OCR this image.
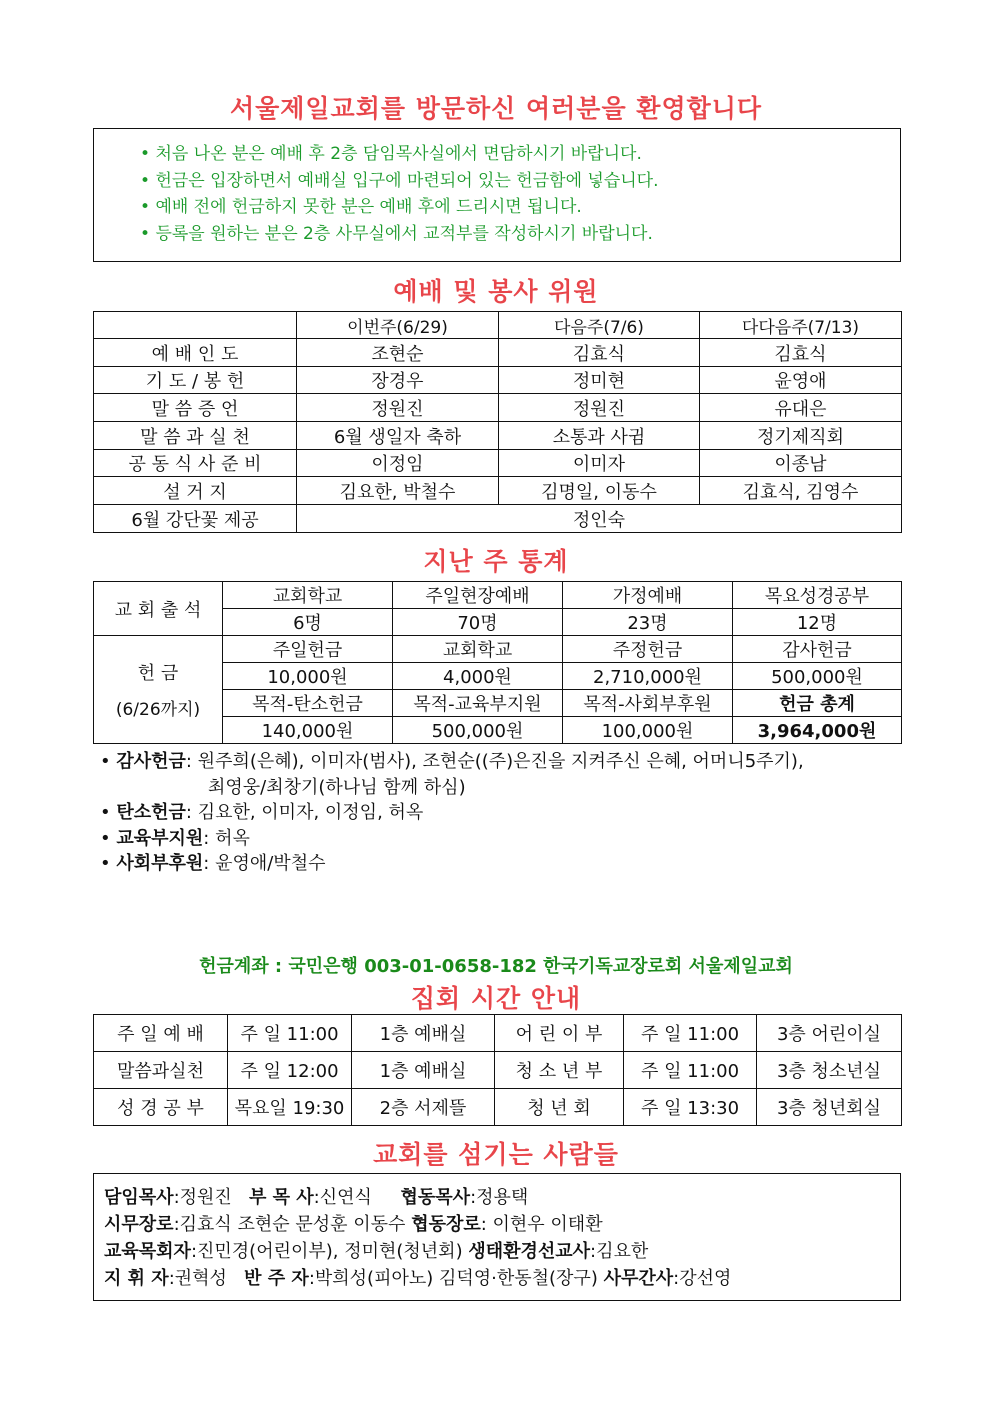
서울제일교회를 방문하신 여러분을 환영합니다
• 처음 나온 분은 예배 후 2층 담임목사실에서 면담하시기 바랍니다.
• 헌금은 입장하면서 예배실 입구에 마련되어 있는 헌금함에 넣습니다.
• 예배 전에 헌금하지 못한 분은 예배 후에 드리시면 됩니다.
• 등록을 원하는 분은 2층 사무실에서 교적부를 작성하시기 바랍니다.
예배 및 봉사 위원
	이번주(6/29)	다음주(7/6)	다다음주(7/13)
예 배 인 도	조현순	김효식	김효식
기 도 / 봉 헌	장경우	정미현	윤영애
말 씀 증 언	정원진	정원진	유대은
말 씀 과 실 천	6월 생일자 축하	소통과 사귐	정기제직회
공 동 식 사 준 비	이정임	이미자	이종남
설 거 지	김요한, 박철수	김명일, 이동수	김효식, 김영수
6월 강단꽃 제공	정인숙		
지난 주 통계
교 회 출 석	교회학교	주일현장예배	가정예배	목요성경공부
	6명	70명	23명	12명

헌 금
(6/26까지)	주일헌금	교회학교	주정헌금	감사헌금
	10,000원	4,000원	2,710,000원	500,000원
	목적-탄소헌금	목적-교육부지원	목적-사회부후원	헌금 총계
	140,000원	500,000원	100,000원	3,964,000원
• 감사헌금: 원주희(은혜), 이미자(범사), 조현순((주)은진을 지켜주신 은혜, 어머니5주기),
최영웅/최창기(하나님 함께 하심)
• 탄소헌금: 김요한, 이미자, 이정임, 허옥
• 교육부지원: 허옥
• 사회부후원: 윤영애/박철수
헌금계좌 : 국민은행 003-01-0658-182 한국기독교장로회 서울제일교회
집회 시간 안내
주 일 예 배	주 일 11:00	1층 예배실	어 린 이 부	주 일 11:00	3층 어린이실
말씀과실천	주 일 12:00	1층 예배실	청 소 년 부	주 일 11:00	3층 청소년실
성 경 공 부	목요일 19:30	2층 서제뜰	청 년 회	주 일 13:30	3층 청년회실
교회를 섬기는 사람들
담임목사:정원진 부 목 사:신연식 협동목사:정용택
시무장로:김효식 조현순 문성훈 이동수 협동장로: 이현우 이태환
교육목회자:진민경(어린이부), 정미현(청년회) 생태환경선교사:김요한
지 휘 자:권혁성 반 주 자:박희성(피아노) 김덕영·한동철(장구) 사무간사:강선영
